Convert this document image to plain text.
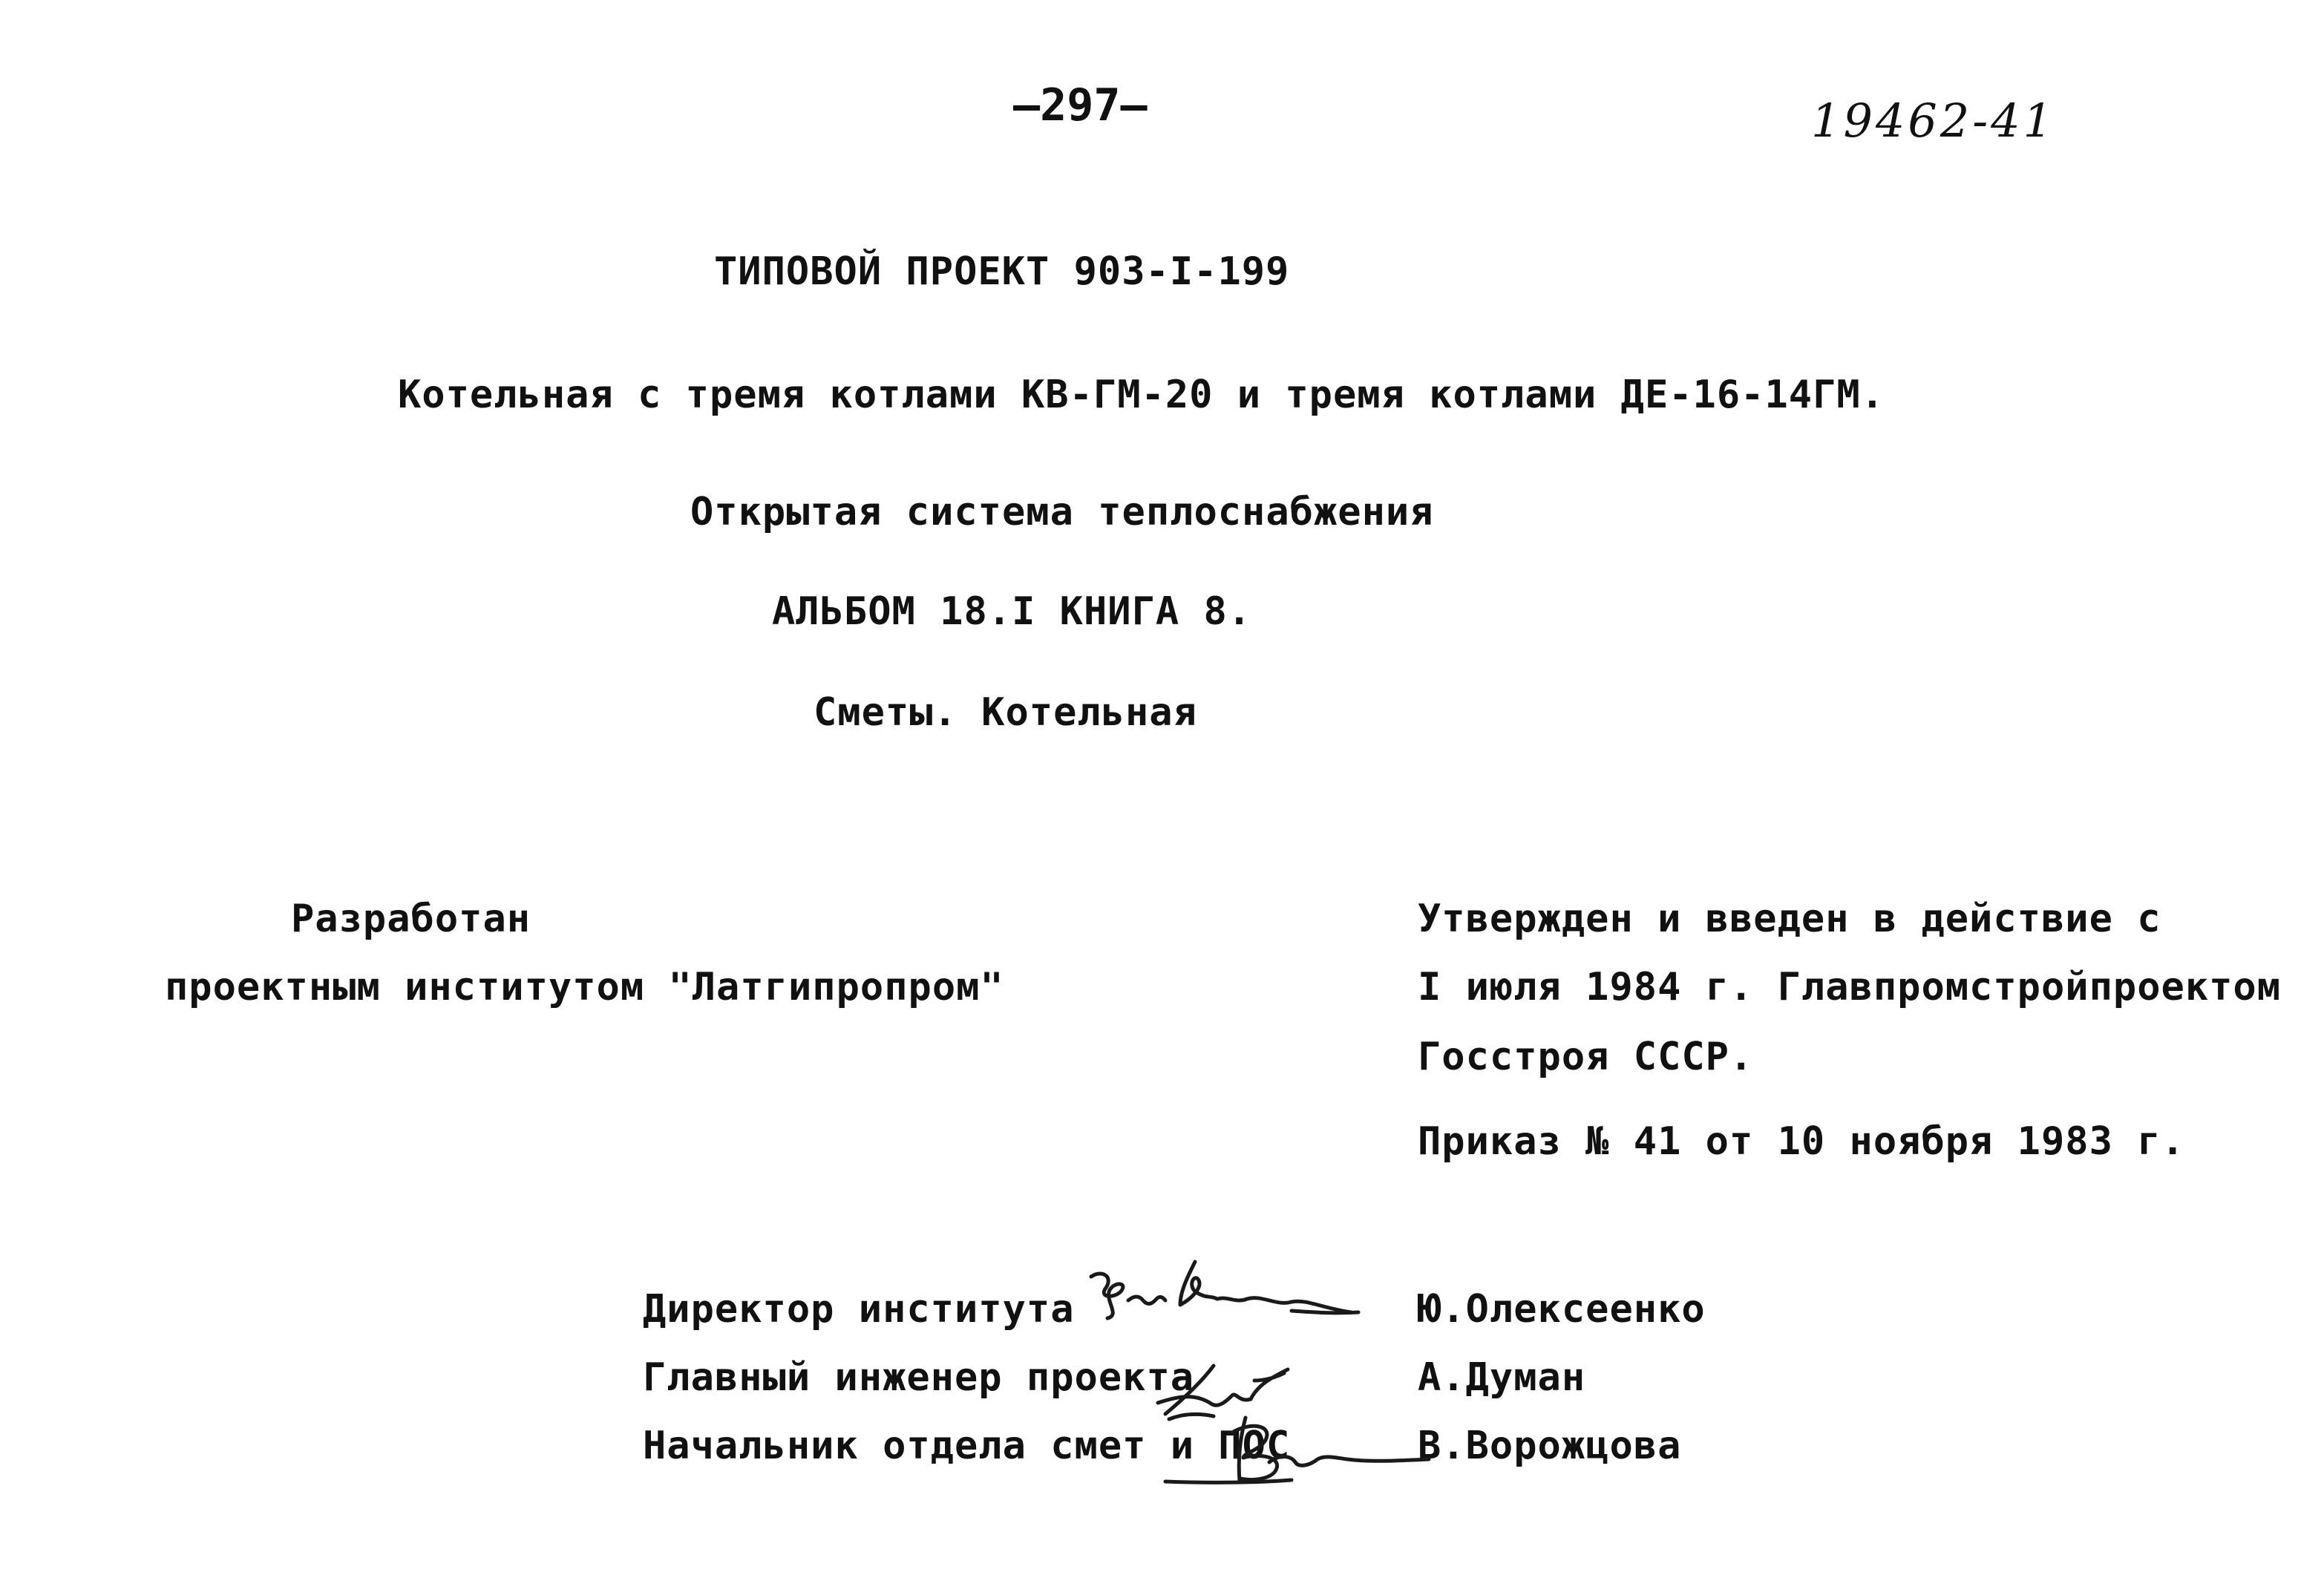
–297–	19462-41
ТИПОВОЙ ПРОЕКТ 903-I-199
Котельная с тремя котлами КВ-ГМ-20 и тремя котлами ДЕ-16-14ГМ.
Открытая система теплоснабжения
АЛЬБОМ 18.I КНИГА 8.
Сметы. Котельная
Разработан
проектным институтом "Латгипропром"
Утвержден и введен в действие с
I июля 1984 г. Главпромстройпроектом
Госстроя СССР.
Приказ № 41 от 10 ноября 1983 г.
Директор института	Ю.Олексеенко
Главный инженер проекта	А.Думан
Начальник отдела смет и ПОС	В.Ворожцова
